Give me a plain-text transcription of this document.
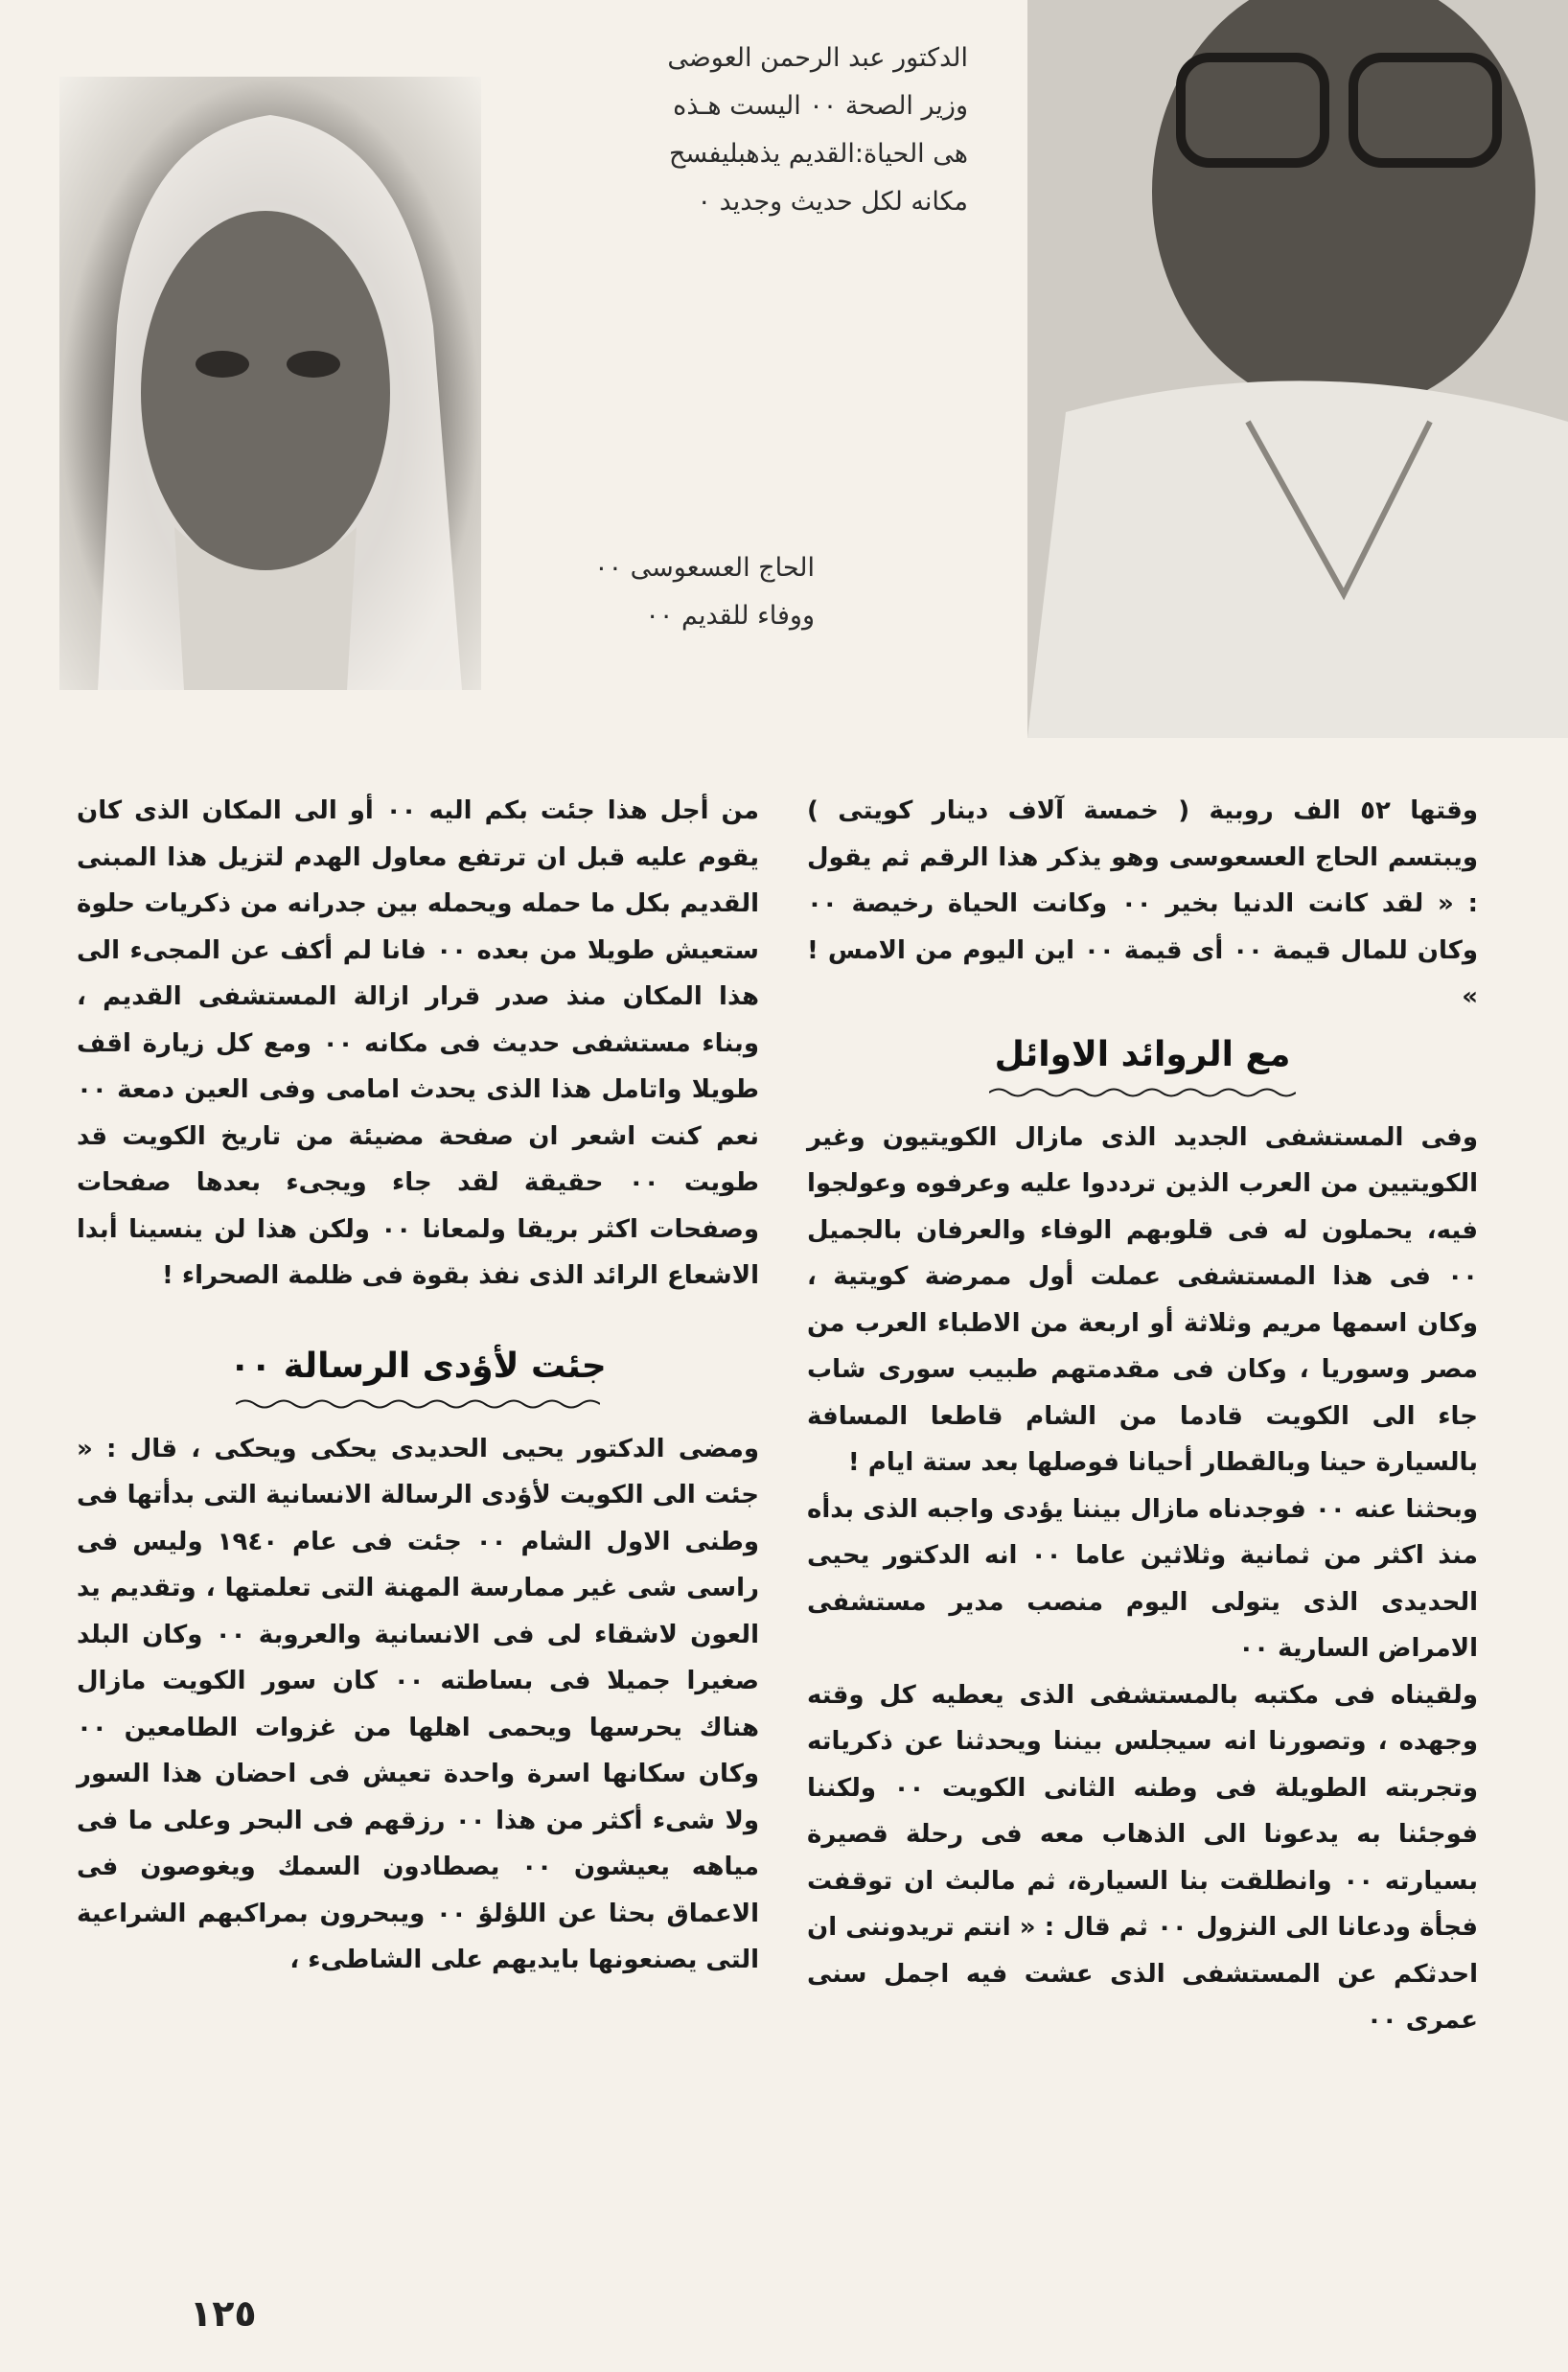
الدكتور عبد الرحمن العوضى
وزير الصحة ٠٠ اليست هـذه
هى الحياة:القديم يذهبليفسح
مكانه لكل حديث وجديد ٠
الحاج العسعوسى ٠٠
ووفاء للقديم ٠٠

وقتها ٥٢ الف روبية ( خمسة آلاف دينار كويتى ) ويبتسم الحاج العسعوسى وهو يذكر هذا الرقم ثم يقول : « لقد كانت الدنيا بخير ٠٠ وكانت الحياة رخيصة ٠٠ وكان للمال قيمة ٠٠ أى قيمة ٠٠ اين اليوم من الامس ! »

مع الروائد الاوائل

وفى المستشفى الجديد الذى مازال الكويتيون وغير الكويتيين من العرب الذين ترددوا عليه وعرفوه وعولجوا فيه، يحملون له فى قلوبهم الوفاء والعرفان بالجميل ٠٠ فى هذا المستشفى عملت أول ممرضة كويتية ، وكان اسمها مريم وثلاثة أو اربعة من الاطباء العرب من مصر وسوريا ، وكان فى مقدمتهم طبيب سورى شاب جاء الى الكويت قادما من الشام قاطعا المسافة بالسيارة حينا وبالقطار أحيانا فوصلها بعد ستة ايام !

وبحثنا عنه ٠٠ فوجدناه مازال بيننا يؤدى واجبه الذى بدأه منذ اكثر من ثمانية وثلاثين عاما ٠٠ انه الدكتور يحيى الحديدى الذى يتولى اليوم منصب مدير مستشفى الامراض السارية ٠٠

ولقيناه فى مكتبه بالمستشفى الذى يعطيه كل وقته وجهده ، وتصورنا انه سيجلس بيننا ويحدثنا عن ذكرياته وتجربته الطويلة فى وطنه الثانى الكويت ٠٠ ولكننا فوجئنا به يدعونا الى الذهاب معه فى رحلة قصيرة بسيارته ٠٠ وانطلقت بنا السيارة، ثم مالبث ان توقفت فجأة ودعانا الى النزول ٠٠ ثم قال : « انتم تريدوننى ان احدثكم عن المستشفى الذى عشت فيه اجمل سنى عمرى ٠٠

من أجل هذا جئت بكم اليه ٠٠ أو الى المكان الذى كان يقوم عليه قبل ان ترتفع معاول الهدم لتزيل هذا المبنى القديم بكل ما حمله ويحمله بين جدرانه من ذكريات حلوة ستعيش طويلا من بعده ٠٠ فانا لم أكف عن المجىء الى هذا المكان منذ صدر قرار ازالة المستشفى القديم ، وبناء مستشفى حديث فى مكانه ٠٠ ومع كل زيارة اقف طويلا واتامل هذا الذى يحدث امامى وفى العين دمعة ٠٠ نعم كنت اشعر ان صفحة مضيئة من تاريخ الكويت قد طويت ٠٠ حقيقة لقد جاء ويجىء بعدها صفحات وصفحات اكثر بريقا ولمعانا ٠٠ ولكن هذا لن ينسينا أبدا الاشعاع الرائد الذى نفذ بقوة فى ظلمة الصحراء !

جئت لأؤدى الرسالة ٠٠

ومضى الدكتور يحيى الحديدى يحكى ويحكى ، قال : « جئت الى الكويت لأؤدى الرسالة الانسانية التى بدأتها فى وطنى الاول الشام ٠٠ جئت فى عام ١٩٤٠ وليس فى راسى شى غير ممارسة المهنة التى تعلمتها ، وتقديم يد العون لاشقاء لى فى الانسانية والعروبة ٠٠ وكان البلد صغيرا جميلا فى بساطته ٠٠ كان سور الكويت مازال هناك يحرسها ويحمى اهلها من غزوات الطامعين ٠٠ وكان سكانها اسرة واحدة تعيش فى احضان هذا السور ولا شىء أكثر من هذا ٠٠ رزقهم فى البحر وعلى ما فى مياهه يعيشون ٠٠ يصطادون السمك ويغوصون فى الاعماق بحثا عن اللؤلؤ ٠٠ ويبحرون بمراكبهم الشراعية التى يصنعونها بايديهم على الشاطىء ،

١٢٥
